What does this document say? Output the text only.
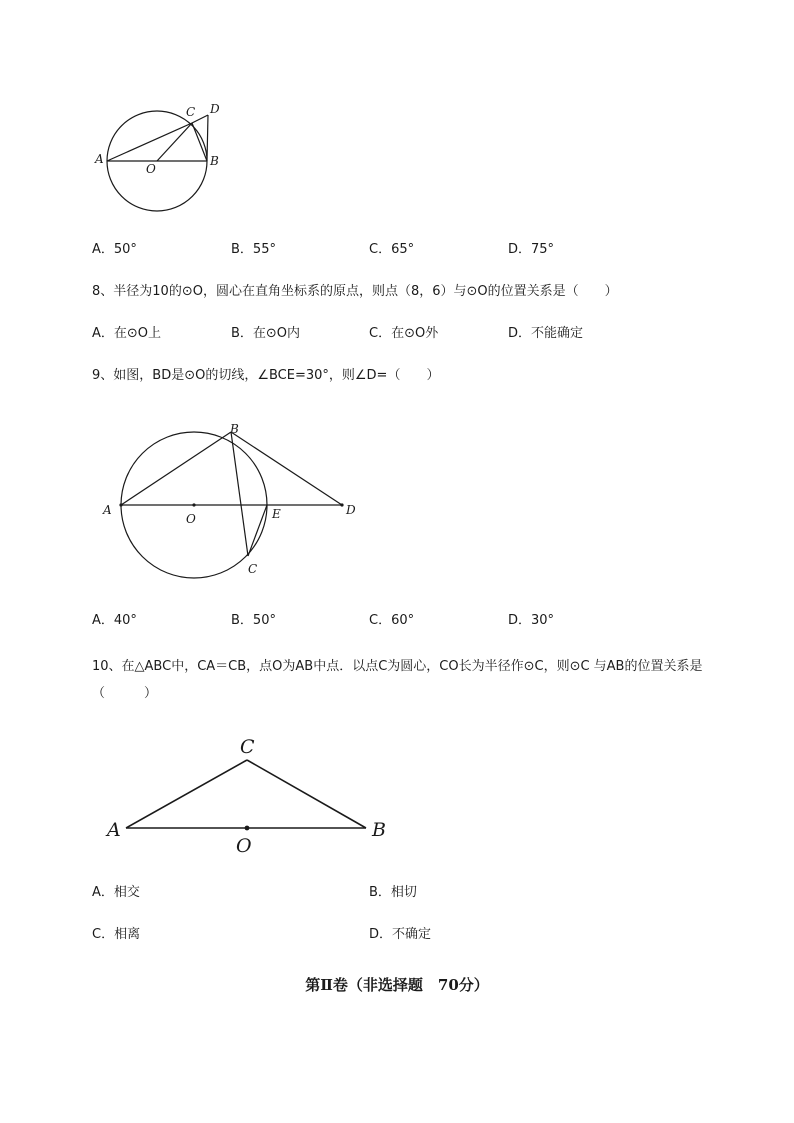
A	B
C D
O
A．50°	B．55°	C．65°	D．75°
8、半径为10的⊙O，圆心在直角坐标系的原点，则点（8，6）与⊙O的位置关系是（　　）
A．在⊙O上	B．在⊙O内	C．在⊙O外	D．不能确定
9、如图，BD是⊙O的切线，∠BCE=30°，则∠D=（　　）
A
B
C
D
E
O
A．40°	B．50°	C．60°	D．30°
10、在△ABC中，CA＝CB，点O为AB中点．以点C为圆心，CO长为半径作⊙C，则⊙C 与AB的位置关系是（　　　）
A	B
C
O
A．相交	B．相切
C．相离	D．不确定
第Ⅱ卷（非选择题　70分）
